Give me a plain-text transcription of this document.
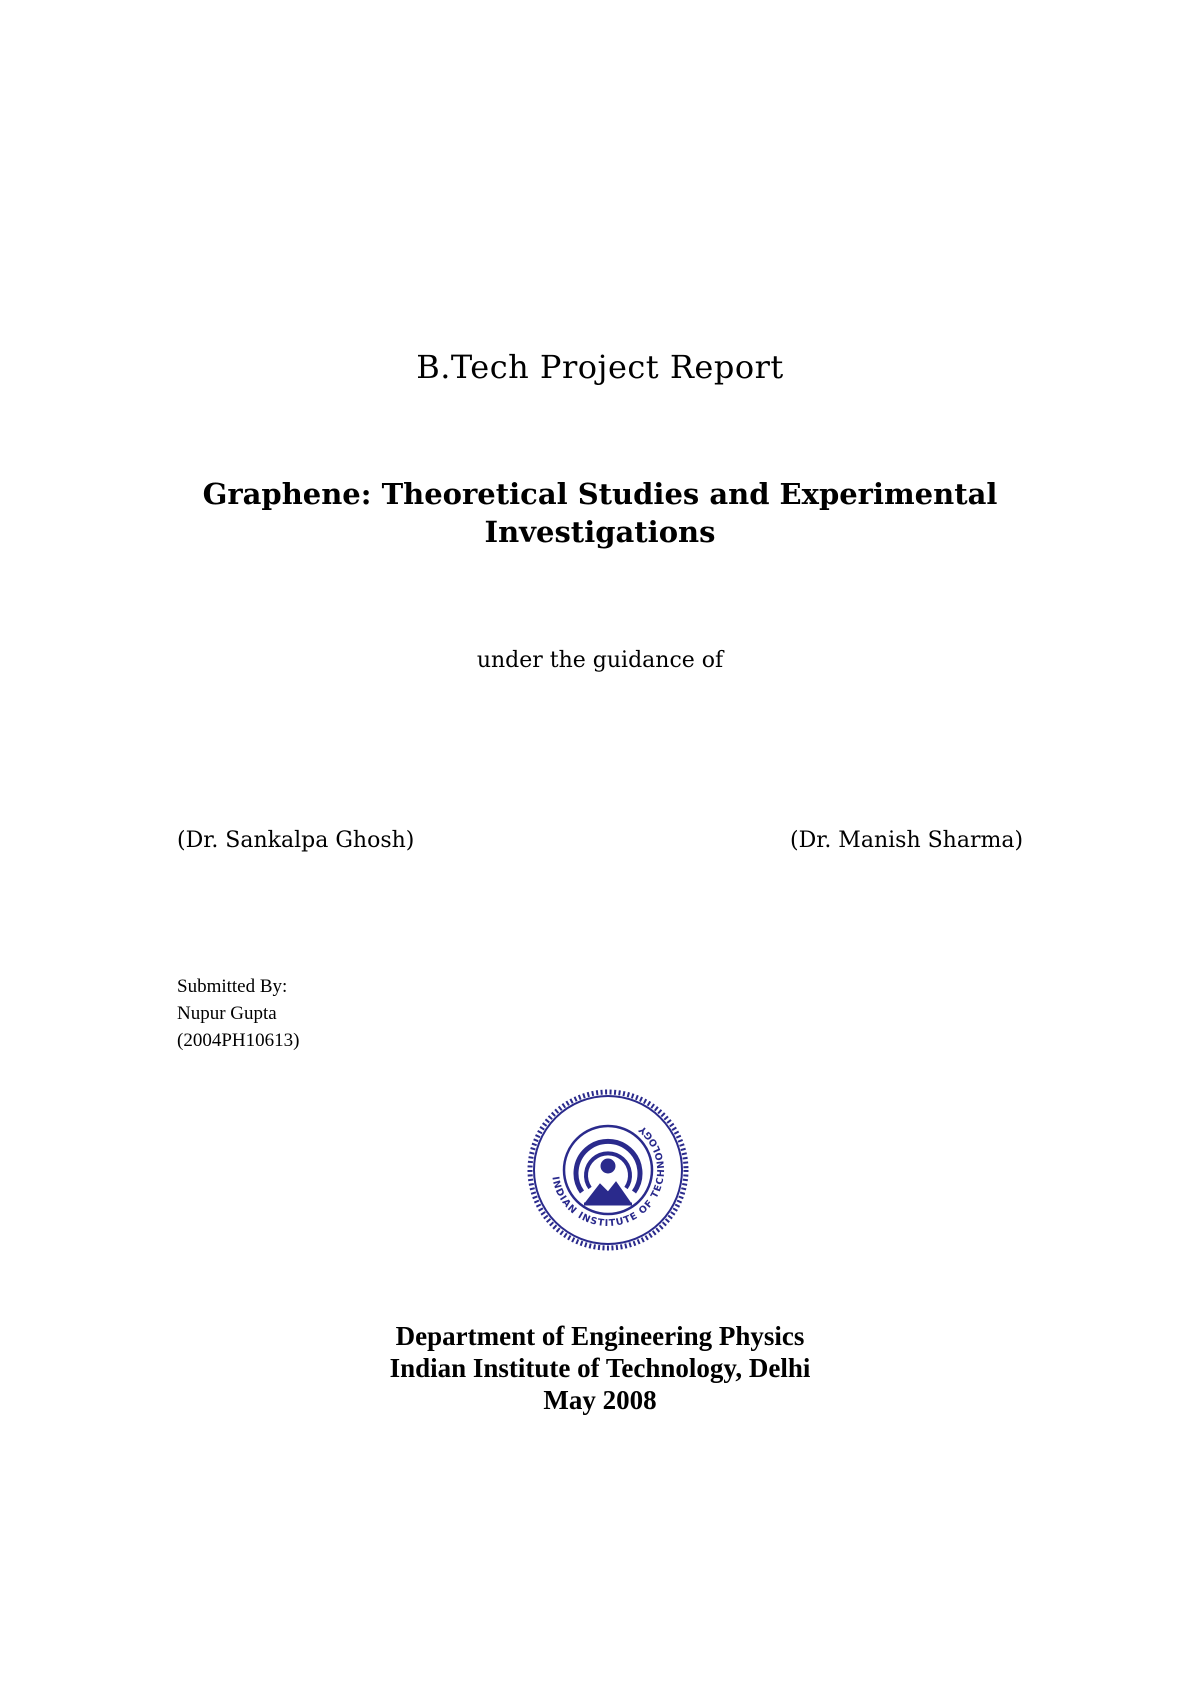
B.Tech Project Report
Graphene: Theoretical Studies and Experimental
Investigations
under the guidance of
(Dr. Sankalpa Ghosh)	(Dr. Manish Sharma)
Submitted By:
Nupur Gupta
(2004PH10613)
INDIAN INSTITUTE OF TECHNOLOGY
Department of Engineering Physics
Indian Institute of Technology, Delhi
May 2008
